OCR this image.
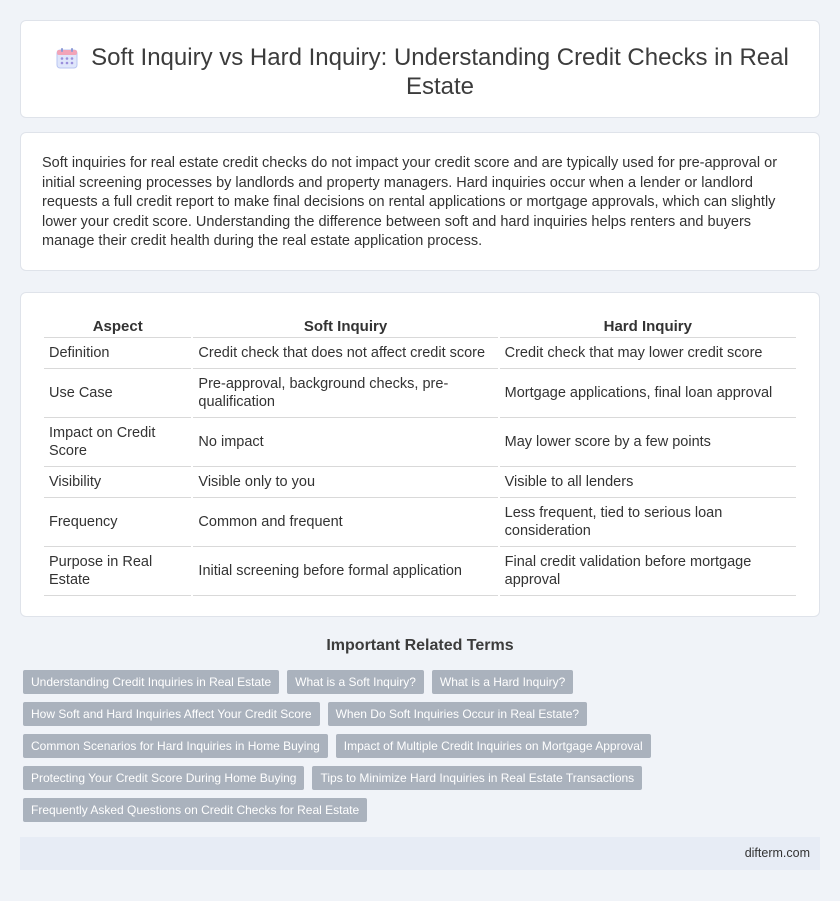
Soft Inquiry vs Hard Inquiry: Understanding Credit Checks in Real Estate

Soft inquiries for real estate credit checks do not impact your credit score and are typically used for pre-approval or initial screening processes by landlords and property managers. Hard inquiries occur when a lender or landlord requests a full credit report to make final decisions on rental applications or mortgage approvals, which can slightly lower your credit score. Understanding the difference between soft and hard inquiries helps renters and buyers manage their credit health during the real estate application process.

Aspect	Soft Inquiry	Hard Inquiry
Definition	Credit check that does not affect credit score	Credit check that may lower credit score
Use Case	Pre-approval, background checks, pre-qualification	Mortgage applications, final loan approval
Impact on Credit Score	No impact	May lower score by a few points
Visibility	Visible only to you	Visible to all lenders
Frequency	Common and frequent	Less frequent, tied to serious loan consideration
Purpose in Real Estate	Initial screening before formal application	Final credit validation before mortgage approval
Important Related Terms
Understanding Credit Inquiries in Real Estate	What is a Soft Inquiry?	What is a Hard Inquiry?
How Soft and Hard Inquiries Affect Your Credit Score	When Do Soft Inquiries Occur in Real Estate?
Common Scenarios for Hard Inquiries in Home Buying	Impact of Multiple Credit Inquiries on Mortgage Approval
Protecting Your Credit Score During Home Buying	Tips to Minimize Hard Inquiries in Real Estate Transactions
Frequently Asked Questions on Credit Checks for Real Estate
difterm.com
